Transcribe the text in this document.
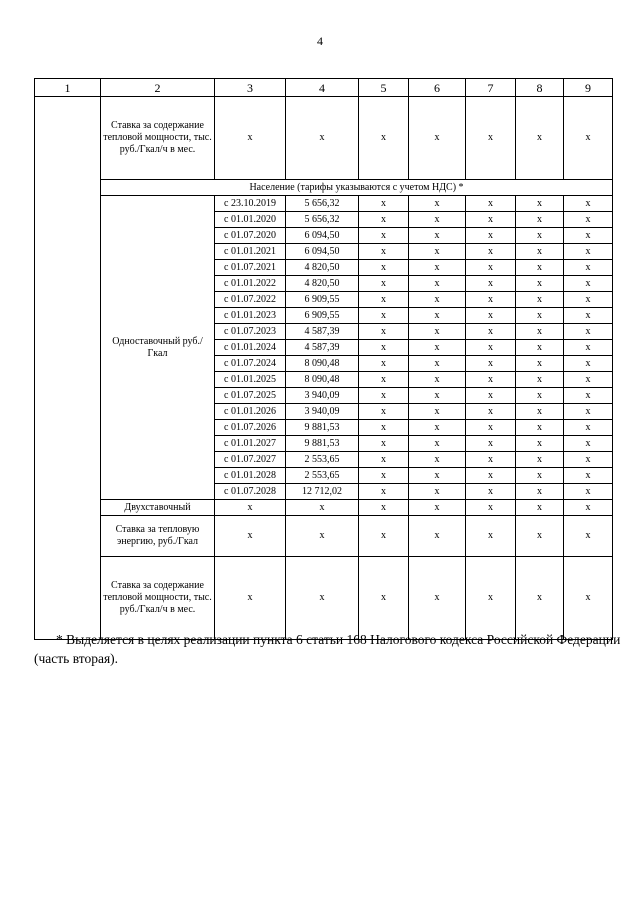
4
1	2	3	4	5	6	7	8	9	
	Ставка за содержание тепловой мощности, тыс. руб./Гкал/ч в мес.	х	х	х	х	х	х	х	
	Население (тарифы указываются с учетом НДС) *								
	Одноставочный руб./Гкал	с 23.10.2019	5 656,32	х	х	х	х	х	
		с 01.01.2020	5 656,32	х	х	х	х	х	
		с 01.07.2020	6 094,50	х	х	х	х	х	
		с 01.01.2021	6 094,50	х	х	х	х	х	
		с 01.07.2021	4 820,50	х	х	х	х	х	
		с 01.01.2022	4 820,50	х	х	х	х	х	
		с 01.07.2022	6 909,55	х	х	х	х	х	
		с 01.01.2023	6 909,55	х	х	х	х	х	
		с 01.07.2023	4 587,39	х	х	х	х	х	
		с 01.01.2024	4 587,39	х	х	х	х	х	
		с 01.07.2024	8 090,48	х	х	х	х	х	
		с 01.01.2025	8 090,48	х	х	х	х	х	
		с 01.07.2025	3 940,09	х	х	х	х	х	
		с 01.01.2026	3 940,09	х	х	х	х	х	
		с 01.07.2026	9 881,53	х	х	х	х	х	
		с 01.01.2027	9 881,53	х	х	х	х	х	
		с 01.07.2027	2 553,65	х	х	х	х	х	
		с 01.01.2028	2 553,65	х	х	х	х	х	
		с 01.07.2028	12 712,02	х	х	х	х	х	
	Двухставочный	х	х	х	х	х	х	х	
	Ставка за тепловую энергию, руб./Гкал	х	х	х	х	х	х	х	
	Ставка за содержание тепловой мощности, тыс. руб./Гкал/ч в мес.	х	х	х	х	х	х	х	
* Выделяется в целях реализации пункта 6 статьи 168 Налогового кодекса Российской Федерации (часть вторая).
